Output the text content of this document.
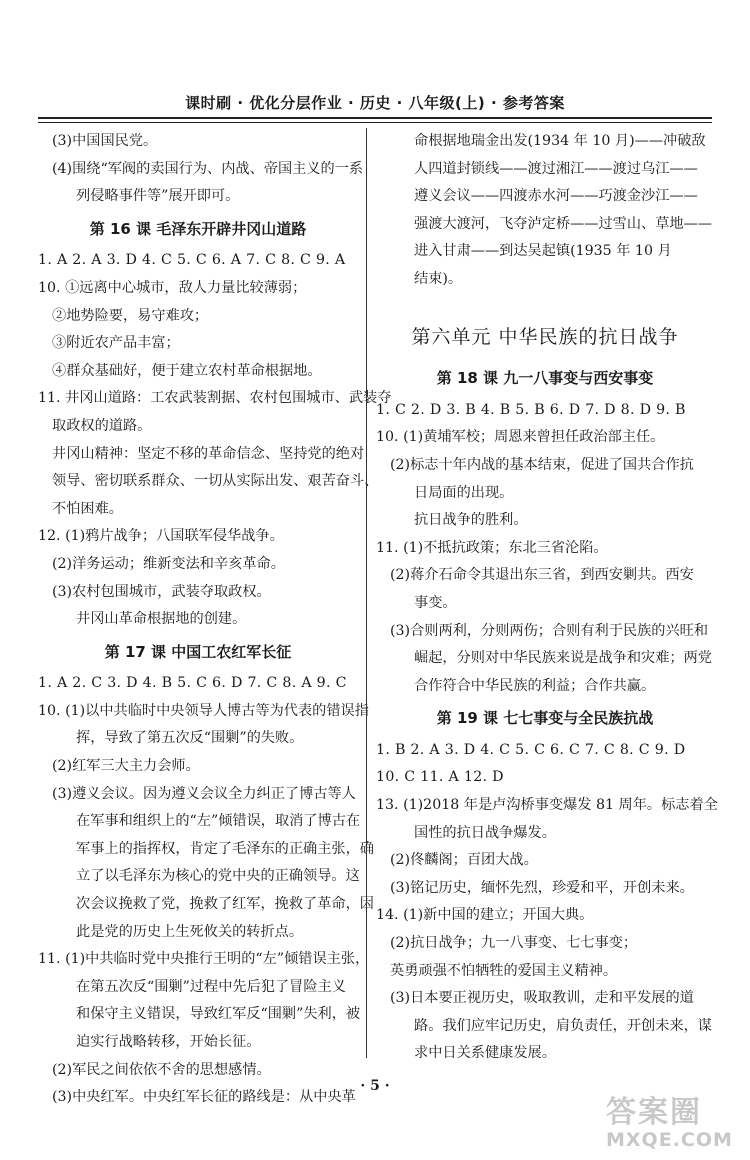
课时刷 · 优化分层作业 · 历史 · 八年级(上) · 参考答案
(3)中国国民党。
(4)围绕“军阀的卖国行为、内战、帝国主义的一系
列侵略事件等”展开即可。
第 16 课 毛泽东开辟井冈山道路
1. A 2. A 3. D 4. C 5. C 6. A 7. C 8. C 9. A
10. ①远离中心城市，敌人力量比较薄弱；
②地势险要，易守难攻；
③附近农产品丰富；
④群众基础好，便于建立农村革命根据地。
11. 井冈山道路：工农武装割据、农村包围城市、武装夺
取政权的道路。
井冈山精神：坚定不移的革命信念、坚持党的绝对
领导、密切联系群众、一切从实际出发、艰苦奋斗、
不怕困难。
12. (1)鸦片战争；八国联军侵华战争。
(2)洋务运动；维新变法和辛亥革命。
(3)农村包围城市，武装夺取政权。
井冈山革命根据地的创建。
第 17 课 中国工农红军长征
1. A 2. C 3. D 4. B 5. C 6. D 7. C 8. A 9. C
10. (1)以中共临时中央领导人博古等为代表的错误指
挥，导致了第五次反“围剿”的失败。
(2)红军三大主力会师。
(3)遵义会议。因为遵义会议全力纠正了博古等人
在军事和组织上的“左”倾错误，取消了博古在
军事上的指挥权，肯定了毛泽东的正确主张，确
立了以毛泽东为核心的党中央的正确领导。这
次会议挽救了党，挽救了红军，挽救了革命，因
此是党的历史上生死攸关的转折点。
11. (1)中共临时党中央推行王明的“左”倾错误主张，
在第五次反“围剿”过程中先后犯了冒险主义
和保守主义错误，导致红军反“围剿”失利，被
迫实行战略转移，开始长征。
(2)军民之间依依不舍的思想感情。
(3)中央红军。中央红军长征的路线是：从中央革
命根据地瑞金出发(1934 年 10 月)——冲破敌
人四道封锁线——渡过湘江——渡过乌江——
遵义会议——四渡赤水河——巧渡金沙江——
强渡大渡河，飞夺泸定桥——过雪山、草地——
进入甘肃——到达吴起镇(1935 年 10 月
结束)。
第六单元 中华民族的抗日战争
第 18 课 九一八事变与西安事变
1. C 2. D 3. B 4. B 5. B 6. D 7. D 8. D 9. B
10. (1)黄埔军校；周恩来曾担任政治部主任。
(2)标志十年内战的基本结束，促进了国共合作抗
日局面的出现。
抗日战争的胜利。
11. (1)不抵抗政策；东北三省沦陷。
(2)蒋介石命令其退出东三省，到西安剿共。西安
事变。
(3)合则两利，分则两伤；合则有利于民族的兴旺和
崛起，分则对中华民族来说是战争和灾难；两党
合作符合中华民族的利益；合作共赢。
第 19 课 七七事变与全民族抗战
1. B 2. A 3. D 4. C 5. C 6. C 7. C 8. C 9. D
10. C 11. A 12. D
13. (1)2018 年是卢沟桥事变爆发 81 周年。标志着全
国性的抗日战争爆发。
(2)佟麟阁；百团大战。
(3)铭记历史，缅怀先烈，珍爱和平，开创未来。
14. (1)新中国的建立；开国大典。
(2)抗日战争；九一八事变、七七事变；
英勇顽强不怕牺牲的爱国主义精神。
(3)日本要正视历史，吸取教训，走和平发展的道
路。我们应牢记历史，肩负责任，开创未来，谋
求中日关系健康发展。
· 5 ·
答案圈
MXQE.COM
